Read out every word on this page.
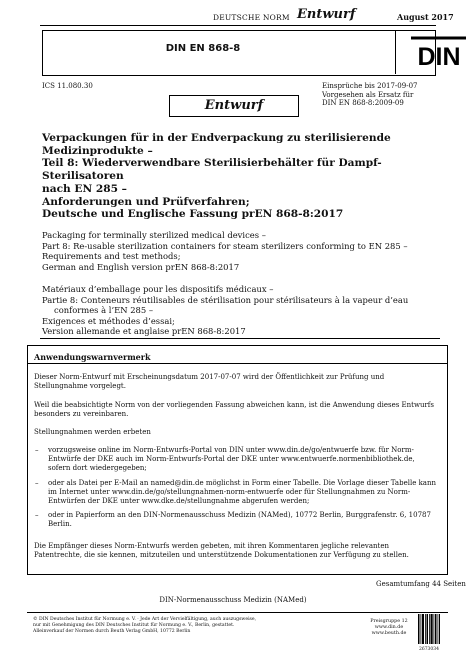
DEUTSCHE NORM Entwurf	August 2017
DIN EN 868-8	DIN
ICS 11.080.30	Einsprüche bis 2017-09-07
Vorgesehen als Ersatz für
DIN EN 868-8:2009-09
Entwurf
Verpackungen für in der Endverpackung zu sterilisierende
Medizinprodukte –
Teil 8: Wiederverwendbare Sterilisierbehälter für Dampf-Sterilisatoren
nach EN 285 –
Anforderungen und Prüfverfahren;
Deutsche und Englische Fassung prEN 868-8:2017
Packaging for terminally sterilized medical devices –
Part 8: Re-usable sterilization containers for steam sterilizers conforming to EN 285 –
Requirements and test methods;
German and English version prEN 868-8:2017
Matériaux d’emballage pour les dispositifs médicaux –
Partie 8: Conteneurs réutilisables de stérilisation pour stérilisateurs à la vapeur d’eau
conformes à l’EN 285 –
Exigences et méthodes d’essai;
Version allemande et anglaise prEN 868-8:2017
Anwendungswarnvermerk
Dieser Norm-Entwurf mit Erscheinungsdatum 2017-07-07 wird der Öffentlichkeit zur Prüfung und Stellungnahme vorgelegt.
Weil die beabsichtigte Norm von der vorliegenden Fassung abweichen kann, ist die Anwendung dieses Entwurfs besonders zu vereinbaren.
Stellungnahmen werden erbeten
– vorzugsweise online im Norm-Entwurfs-Portal von DIN unter www.din.de/go/entwuerfe bzw. für Norm-Entwürfe der DKE auch im Norm-Entwurfs-Portal der DKE unter www.entwuerfe.normenbibliothek.de, sofern dort wiedergegeben;
– oder als Datei per E-Mail an named@din.de möglichst in Form einer Tabelle. Die Vorlage dieser Tabelle kann im Internet unter www.din.de/go/stellungnahmen-norm-entwuerfe oder für Stellungnahmen zu Norm-Entwürfen der DKE unter www.dke.de/stellungnahme abgerufen werden;
– oder in Papierform an den DIN-Normenausschuss Medizin (NAMed), 10772 Berlin, Burggrafenstr. 6, 10787 Berlin.
Die Empfänger dieses Norm-Entwurfs werden gebeten, mit ihren Kommentaren jegliche relevanten Patentrechte, die sie kennen, mitzuteilen und unterstützende Dokumentationen zur Verfügung zu stellen.
Gesamtumfang 44 Seiten
DIN-Normenausschuss Medizin (NAMed)
© DIN Deutsches Institut für Normung e. V. · Jede Art der Vervielfältigung, auch auszugsweise,
nur mit Genehmigung des DIN Deutsches Institut für Normung e. V., Berlin, gestattet.
Alleinverkauf der Normen durch Beuth Verlag GmbH, 10772 Berlin
Preisgruppe 12
www.din.de
www.beuth.de
2673034
